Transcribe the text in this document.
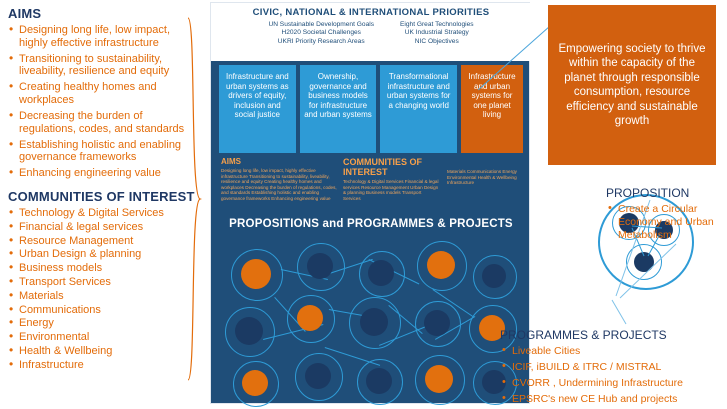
AIMS
• Designing long life, low impact, highly effective infrastructure
• Transitioning to sustainability, liveability, resilience and equity
• Creating healthy homes and workplaces
• Decreasing the burden of regulations, codes, and standards
• Establishing holistic and enabling governance frameworks
• Enhancing engineering value
COMMUNITIES OF INTEREST
• Technology & Digital Services
• Financial & legal services
• Resource Management
• Urban Design & planning
• Business models
• Transport Services
• Materials
• Communications
• Energy
• Environmental
• Health & Wellbeing
• Infrastructure
CIVIC, NATIONAL & INTERNATIONAL PRIORITIES
UN Sustainable Development Goals
H2020 Societal Challenges
UKRI Priority Research Areas
Eight Great Technologies
UK Industrial Strategy
NIC Objectives
Infrastructure and urban systems as drivers of equity, inclusion and social justice
Ownership, governance and business models for infrastructure and urban systems
Transformational infrastructure and urban systems for a changing world
Infrastructure and urban systems for one planet living
AIMS
Designing long life, low impact, highly effective infrastructure Transitioning to sustainability, liveability, resilience and equity Creating healthy homes and workplaces Decreasing the burden of regulations, codes, and standards Establishing holistic and enabling governance frameworks Enhancing engineering value
COMMUNITIES OF INTEREST
Technology & Digital Services Financial & legal services Resource Management Urban Design & planning Business models Transport Services
Materials Communications Energy Environmental Health & Wellbeing Infrastructure
PROPOSITIONS and PROGRAMMES & PROJECTS
Empowering society to thrive within the capacity of the planet through responsible consumption, resource efficiency and sustainable growth
PROPOSITION
• Create a Circular Economy and Urban Metabolism
PROGRAMMES & PROJECTS
• Liveable Cities
• ICIF, iBUILD & ITRC / MISTRAL
• CVORR , Undermining Infrastructure
• EPSRC's new CE Hub and projects
